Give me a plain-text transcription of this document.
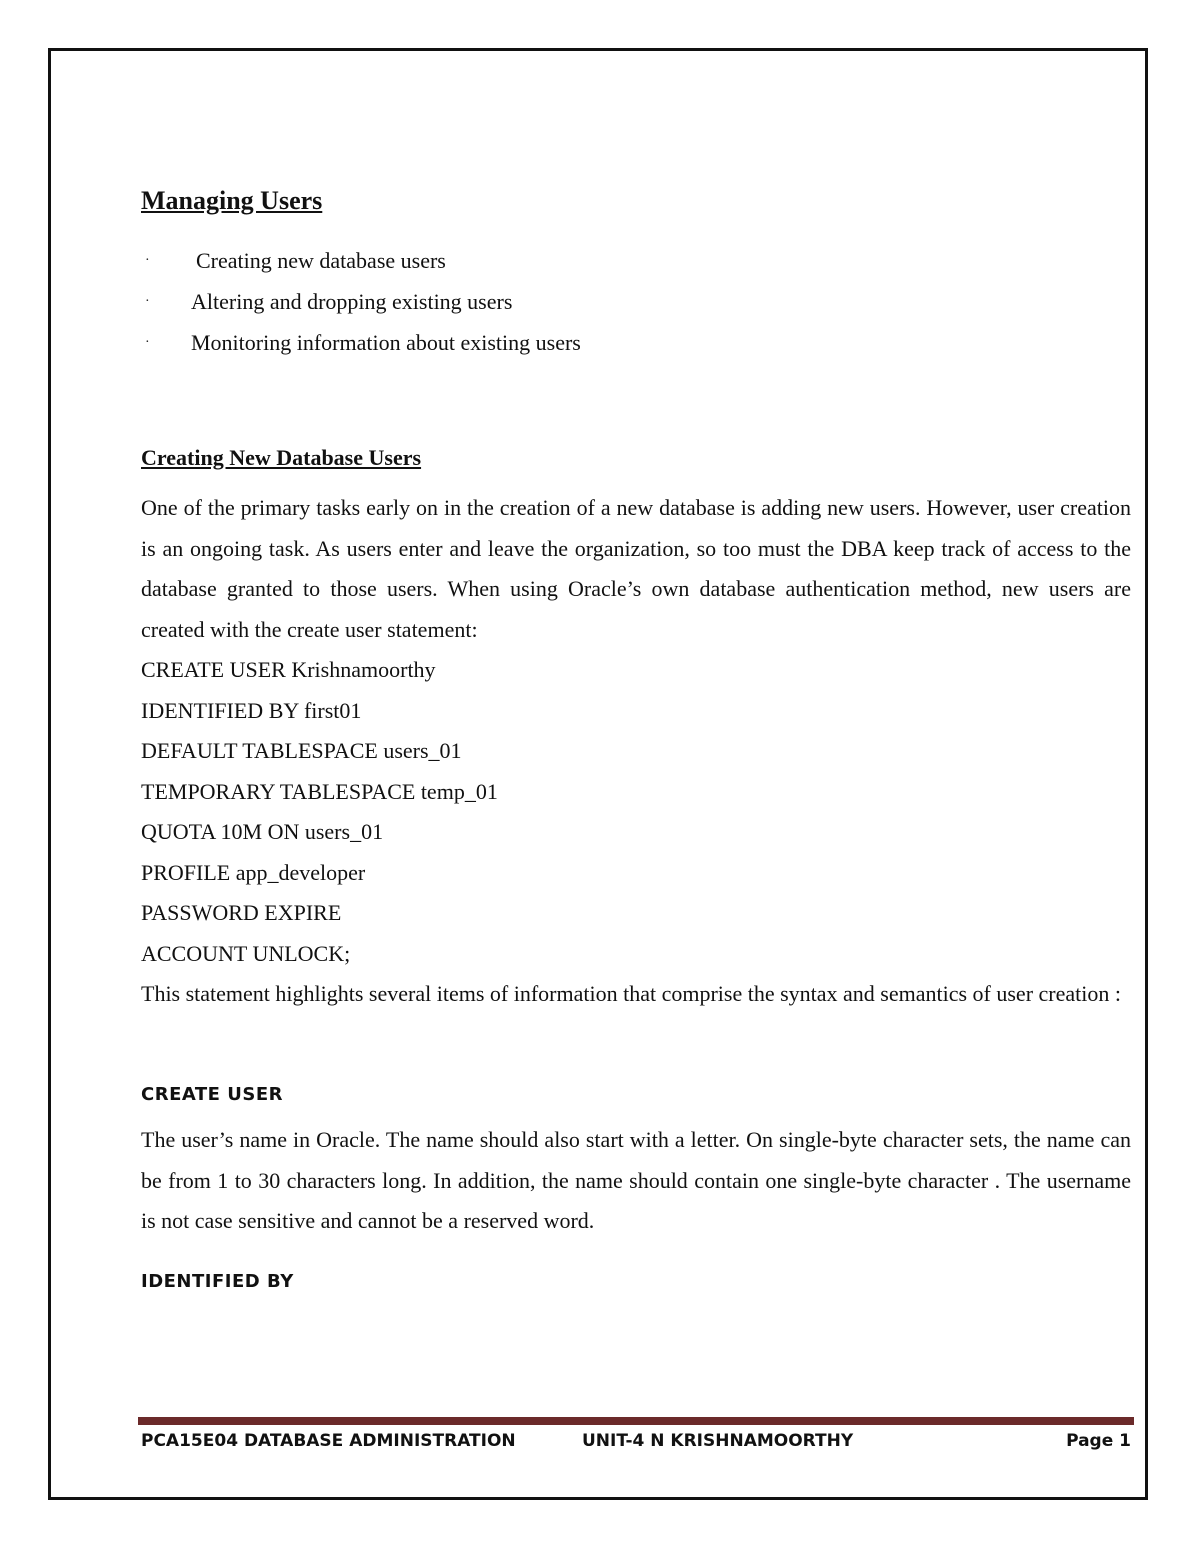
Managing Users
· Creating new database users
· Altering and dropping existing users
· Monitoring information about existing users
Creating New Database Users

One of the primary tasks early on in the creation of a new database is adding new users. However, user creation is an ongoing task. As users enter and leave the organization, so too must the DBA keep track of access to the database granted to those users. When using Oracle’s own database authentication method, new users are created with the create user statement:

CREATE USER Krishnamoorthy
IDENTIFIED BY first01
DEFAULT TABLESPACE users_01
TEMPORARY TABLESPACE temp_01
QUOTA 10M ON users_01
PROFILE app_developer
PASSWORD EXPIRE
ACCOUNT UNLOCK;

This statement highlights several items of information that comprise the syntax and semantics of user creation :

CREATE USER

The user’s name in Oracle. The name should also start with a letter. On single-byte character sets, the name can be from 1 to 30 characters long. In addition, the name should contain one single-byte character . The username is not case sensitive and cannot be a reserved word.

IDENTIFIED BY
PCA15E04 DATABASE ADMINISTRATION	UNIT-4 N KRISHNAMOORTHY	Page 1
